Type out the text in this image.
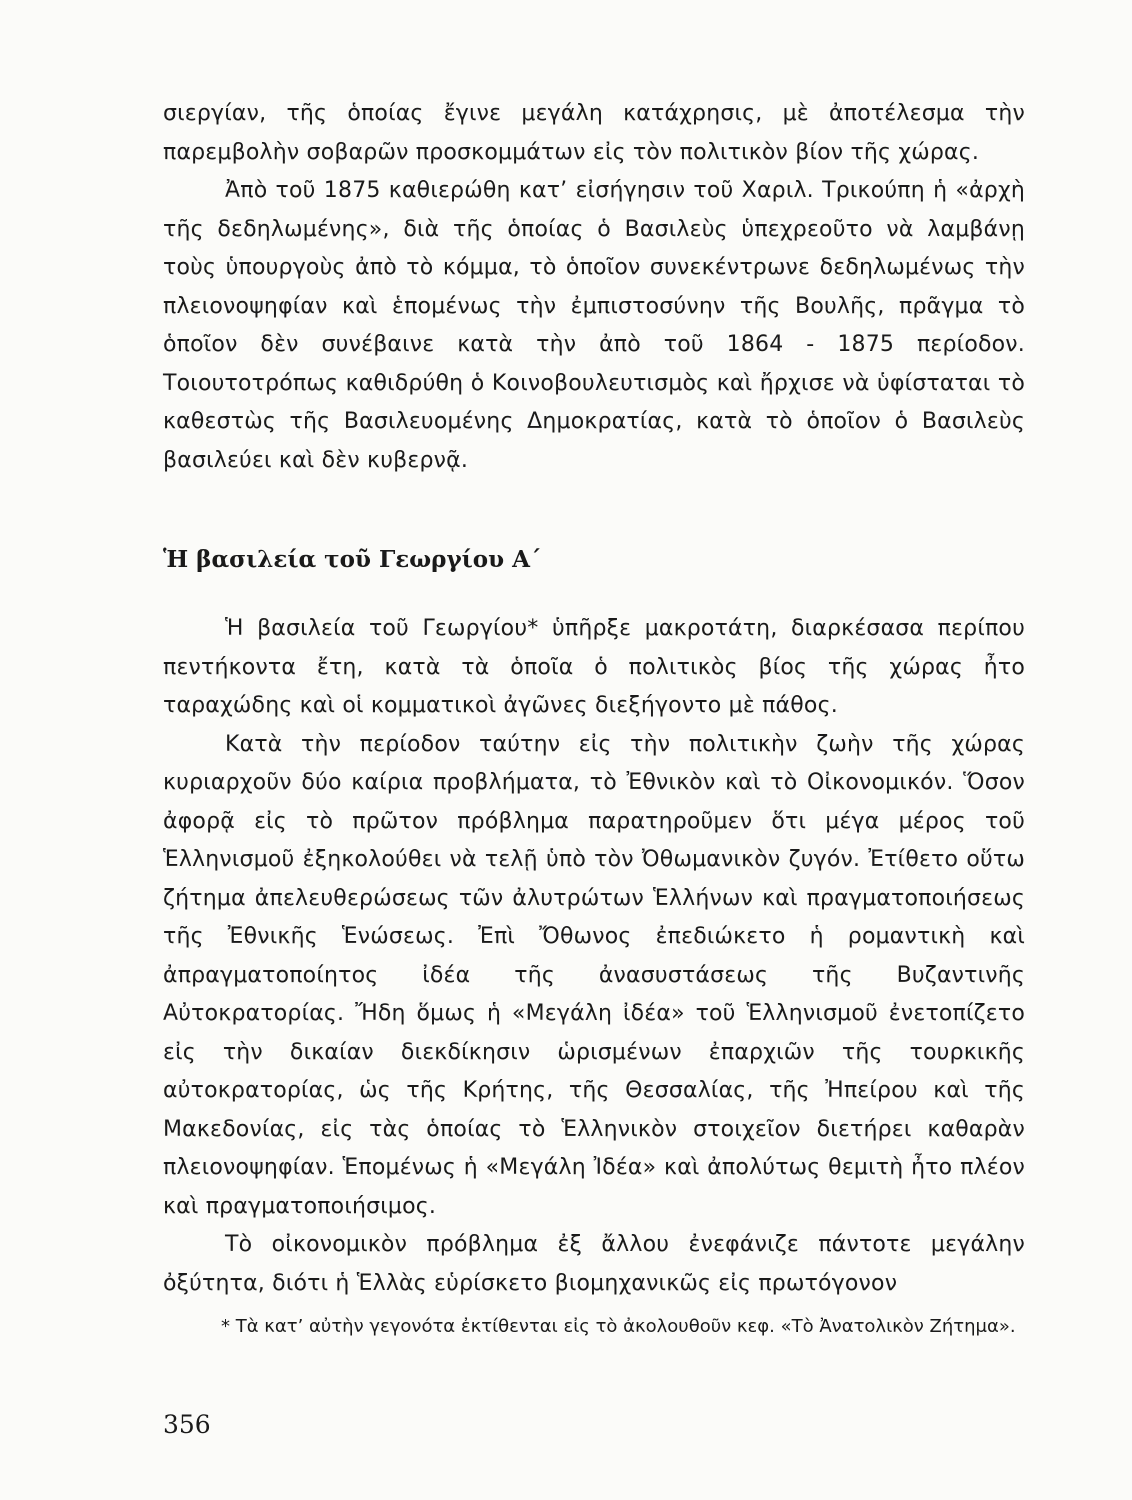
σιεργίαν, τῆς ὁποίας ἔγινε μεγάλη κατάχρησις, μὲ ἀποτέλεσμα τὴν παρεμβολὴν σοβαρῶν προσκομμάτων εἰς τὸν πολιτικὸν βίον τῆς χώρας.

Ἀπὸ τοῦ 1875 καθιερώθη κατ’ εἰσήγησιν τοῦ Χαριλ. Τρικούπη ἡ «ἀρχὴ τῆς δεδηλωμένης», διὰ τῆς ὁποίας ὁ Βασιλεὺς ὑπεχρεοῦτο νὰ λαμβάνῃ τοὺς ὑπουργοὺς ἀπὸ τὸ κόμμα, τὸ ὁποῖον συνεκέντρωνε δεδηλωμένως τὴν πλειονοψηφίαν καὶ ἑπομένως τὴν ἐμπιστοσύνην τῆς Βουλῆς, πρᾶγμα τὸ ὁποῖον δὲν συνέβαινε κατὰ τὴν ἀπὸ τοῦ 1864 - 1875 περίοδον. Τοιουτοτρόπως καθιδρύθη ὁ Κοινοβουλευτισμὸς καὶ ἤρχισε νὰ ὑφίσταται τὸ καθεστὼς τῆς Βασιλευομένης Δημοκρατίας, κατὰ τὸ ὁποῖον ὁ Βασιλεὺς βασιλεύει καὶ δὲν κυβερνᾷ.

Ἡ βασιλεία τοῦ Γεωργίου Α΄

Ἡ βασιλεία τοῦ Γεωργίου* ὑπῆρξε μακροτάτη, διαρκέσασα περίπου πεντήκοντα ἔτη, κατὰ τὰ ὁποῖα ὁ πολιτικὸς βίος τῆς χώρας ἦτο ταραχώδης καὶ οἱ κομματικοὶ ἀγῶνες διεξήγοντο μὲ πάθος.

Κατὰ τὴν περίοδον ταύτην εἰς τὴν πολιτικὴν ζωὴν τῆς χώρας κυριαρχοῦν δύο καίρια προβλήματα, τὸ Ἐθνικὸν καὶ τὸ Οἰκονομικόν. Ὅσον ἀφορᾷ εἰς τὸ πρῶτον πρόβλημα παρατηροῦμεν ὅτι μέγα μέρος τοῦ Ἑλληνισμοῦ ἐξηκολούθει νὰ τελῇ ὑπὸ τὸν Ὀθωμανικὸν ζυγόν. Ἐτίθετο οὕτω ζήτημα ἀπελευθερώσεως τῶν ἀλυτρώτων Ἑλλήνων καὶ πραγματοποιήσεως τῆς Ἐθνικῆς Ἑνώσεως. Ἐπὶ Ὄθωνος ἐπεδιώκετο ἡ ρομαντικὴ καὶ ἀπραγματοποίητος ἰδέα τῆς ἀνασυστάσεως τῆς Βυζαντινῆς Αὐτοκρατορίας. Ἤδη ὅμως ἡ «Μεγάλη ἰδέα» τοῦ Ἑλληνισμοῦ ἐνετοπίζετο εἰς τὴν δικαίαν διεκδίκησιν ὡρισμένων ἐπαρχιῶν τῆς τουρκικῆς αὐτοκρατορίας, ὡς τῆς Κρήτης, τῆς Θεσσαλίας, τῆς Ἠπείρου καὶ τῆς Μακεδονίας, εἰς τὰς ὁποίας τὸ Ἑλληνικὸν στοιχεῖον διετήρει καθαρὰν πλειονοψηφίαν. Ἑπομένως ἡ «Μεγάλη Ἰδέα» καὶ ἀπολύτως θεμιτὴ ἦτο πλέον καὶ πραγματοποιήσιμος.

Τὸ οἰκονομικὸν πρόβλημα ἐξ ἄλλου ἐνεφάνιζε πάντοτε μεγάλην ὀξύτητα, διότι ἡ Ἑλλὰς εὑρίσκετο βιομηχανικῶς εἰς πρωτόγονον

* Τὰ κατ’ αὐτὴν γεγονότα ἐκτίθενται εἰς τὸ ἀκολουθοῦν κεφ. «Τὸ Ἀνατολικὸν Ζήτημα».

356
